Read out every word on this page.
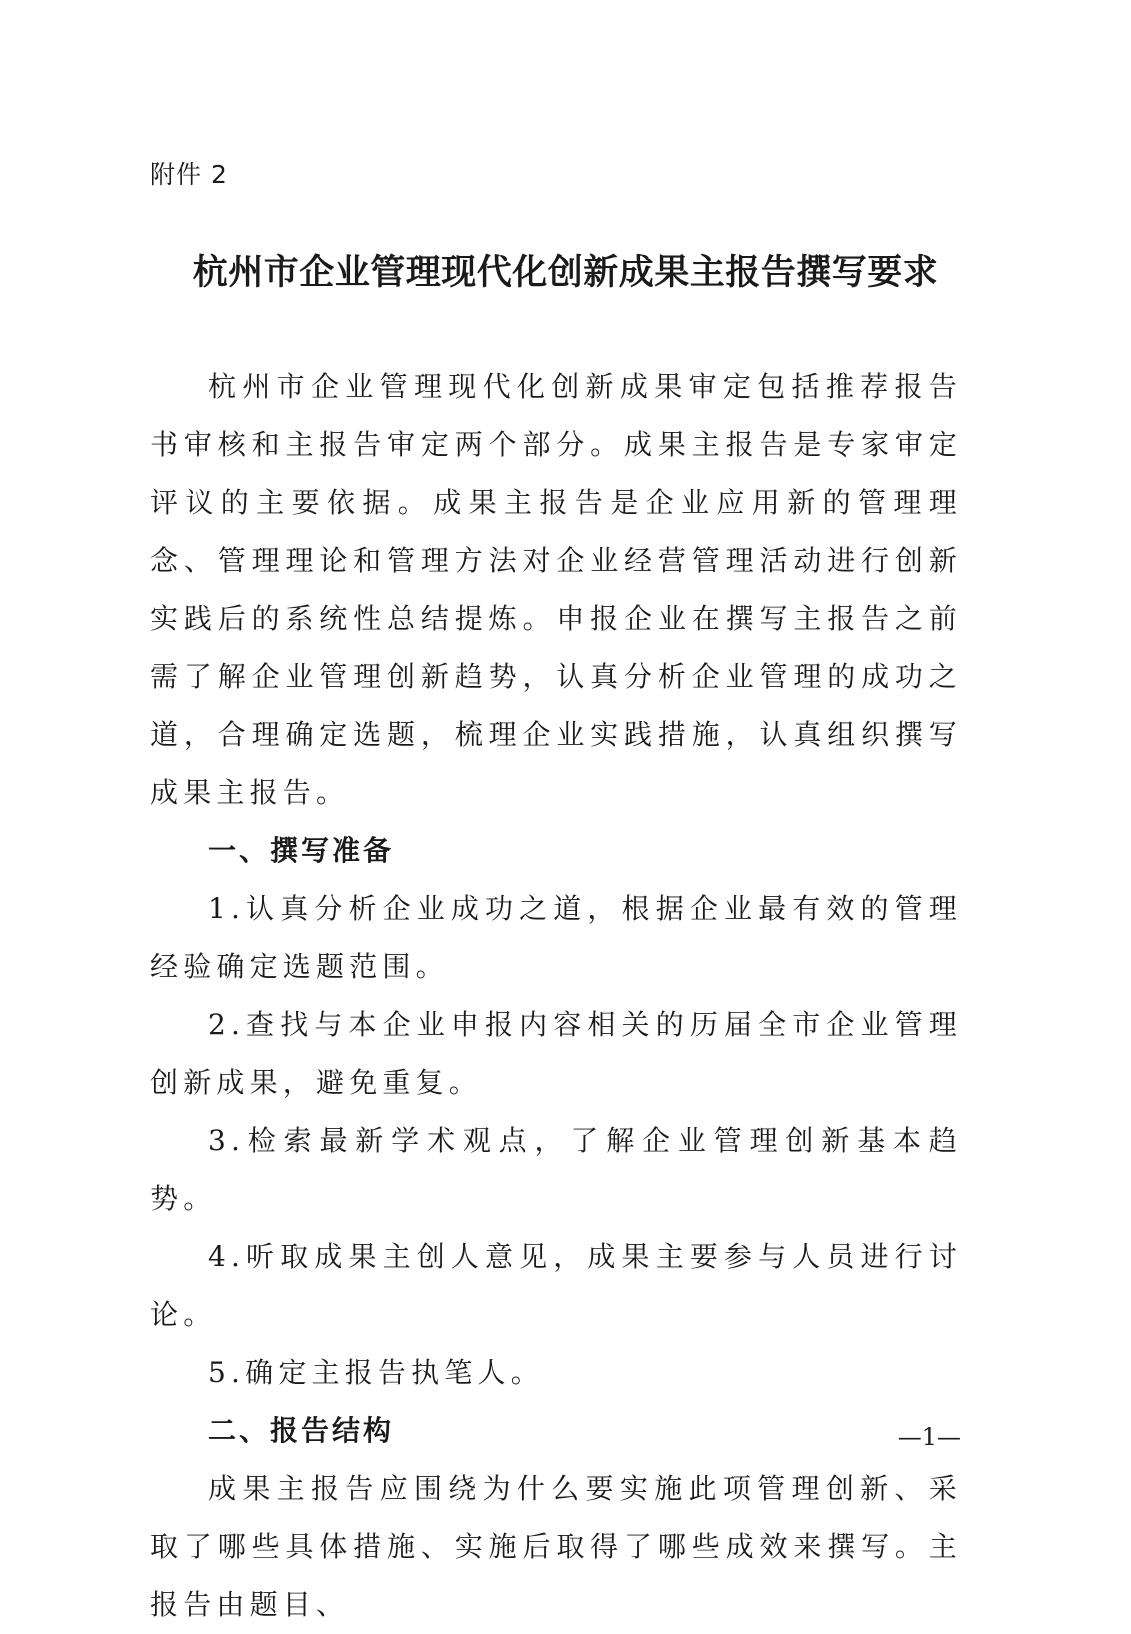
附件 2
杭州市企业管理现代化创新成果主报告撰写要求

杭州市企业管理现代化创新成果审定包括推荐报告书审核和主报告审定两个部分。成果主报告是专家审定评议的主要依据。成果主报告是企业应用新的管理理念、管理理论和管理方法对企业经营管理活动进行创新实践后的系统性总结提炼。申报企业在撰写主报告之前需了解企业管理创新趋势，认真分析企业管理的成功之道，合理确定选题，梳理企业实践措施，认真组织撰写成果主报告。

一、撰写准备

1.认真分析企业成功之道，根据企业最有效的管理经验确定选题范围。

2.查找与本企业申报内容相关的历届全市企业管理创新成果，避免重复。

3.检索最新学术观点，了解企业管理创新基本趋势。

4.听取成果主创人意见，成果主要参与人员进行讨论。

5.确定主报告执笔人。

二、报告结构

成果主报告应围绕为什么要实施此项管理创新、采取了哪些具体措施、实施后取得了哪些成效来撰写。主报告由题目、

—1—
